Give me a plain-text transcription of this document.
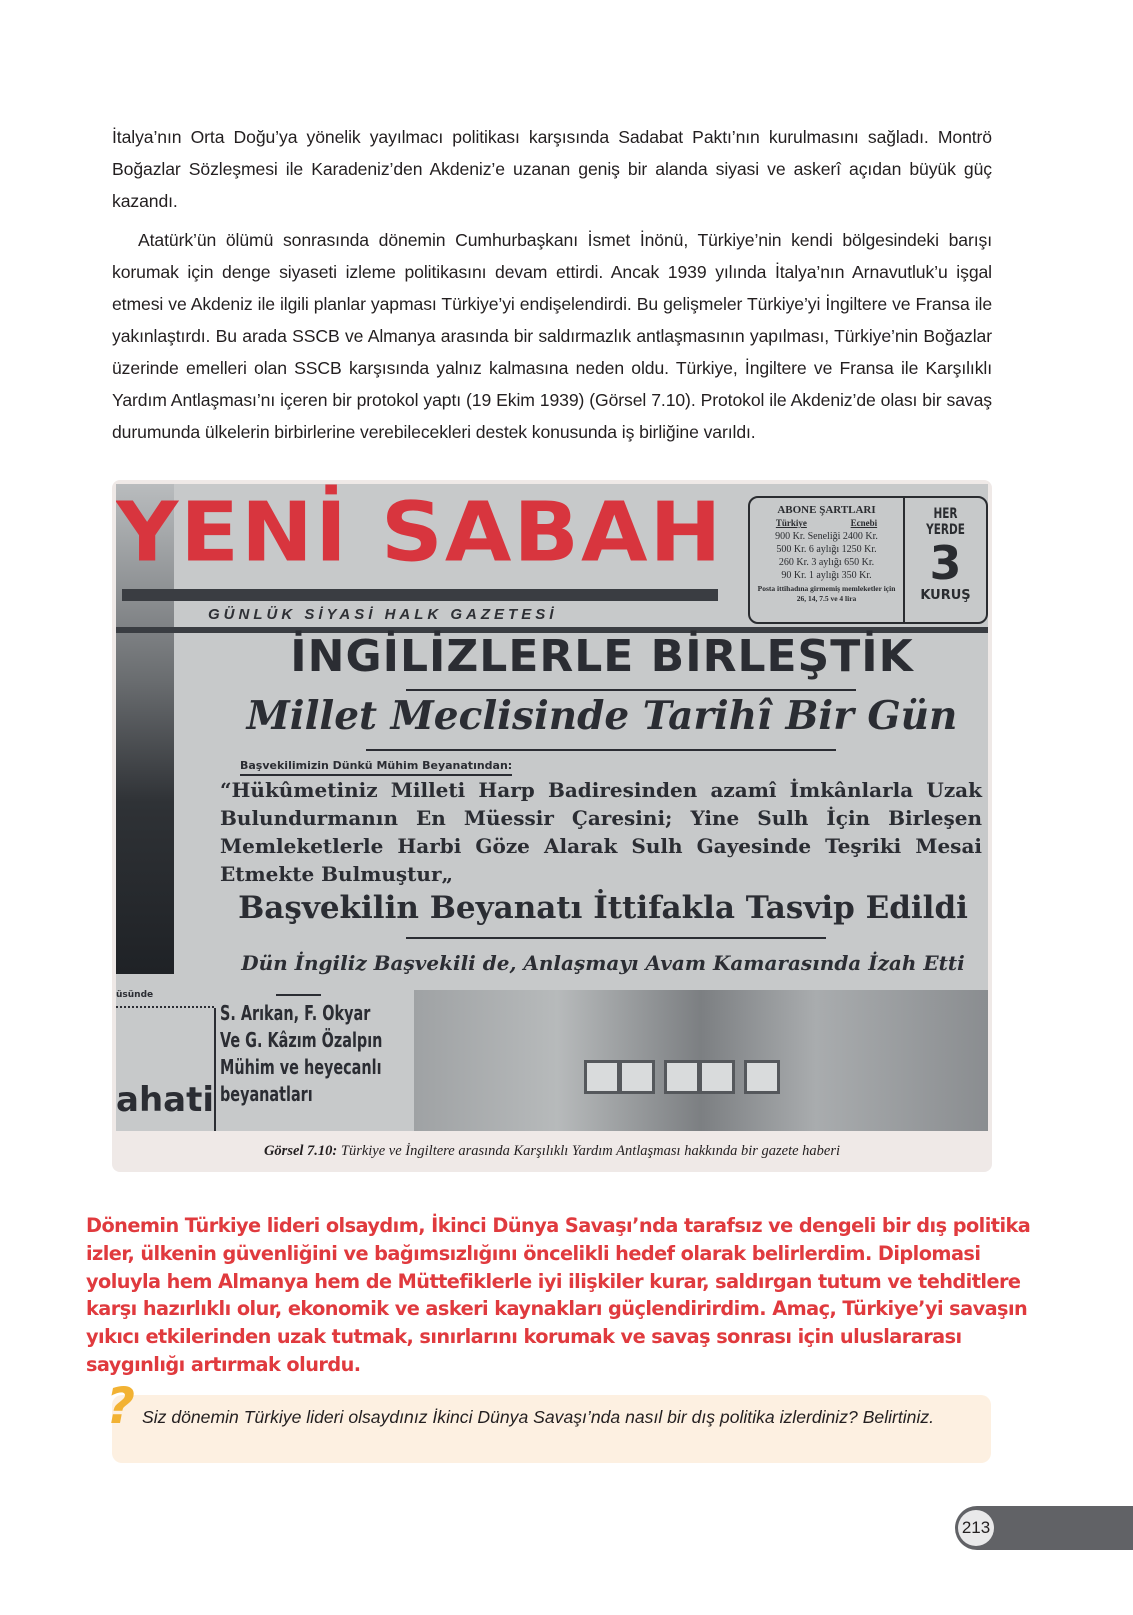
İtalya’nın Orta Doğu’ya yönelik yayılmacı politikası karşısında Sadabat Paktı’nın kurulmasını sağladı. Montrö Boğazlar Sözleşmesi ile Karadeniz’den Akdeniz’e uzanan geniş bir alanda siyasi ve askerî açıdan büyük güç kazandı.

Atatürk’ün ölümü sonrasında dönemin Cumhurbaşkanı İsmet İnönü, Türkiye’nin kendi bölgesindeki barışı korumak için denge siyaseti izleme politikasını devam ettirdi. Ancak 1939 yılında İtalya’nın Arnavutluk’u işgal etmesi ve Akdeniz ile ilgili planlar yapması Türkiye’yi endişelendirdi. Bu gelişmeler Türkiye’yi İngiltere ve Fransa ile yakınlaştırdı. Bu arada SSCB ve Almanya arasında bir saldırmazlık antlaşmasının yapılması, Türkiye’nin Boğazlar üzerinde emelleri olan SSCB karşısında yalnız kalmasına neden oldu. Türkiye, İngiltere ve Fransa ile Karşılıklı Yardım Antlaşması’nı içeren bir protokol yaptı (19 Ekim 1939) (Görsel 7.10). Protokol ile Akdeniz’de olası bir savaş durumunda ülkelerin birbirlerine verebilecekleri destek konusunda iş birliğine varıldı.

YENİ SABAH
GÜNLÜK SİYASİ HALK GAZETESİ
ABONE ŞARTLARI
Türkiye	Ecnebi
900 Kr. Seneliği 2400 Kr.
500 Kr. 6 aylığı 1250 Kr.
260 Kr. 3 aylığı 650 Kr.
90 Kr. 1 aylığı 350 Kr.
Posta ittihadına girmemiş memleketler için 26, 14, 7.5 ve 4 lira
HER YERDE
3
KURUŞ
İNGİLİZLERLE BİRLEŞTİK
Millet Meclisinde Tarihî Bir Gün
Başvekilimizin Dünkü Mühim Beyanatından:
“Hükûmetiniz Milleti Harp Badiresinden azamî İmkânlarla Uzak Bulundurmanın En Müessir Çaresini; Yine Sulh İçin Birleşen Memleketlerle Harbi Göze Alarak Sulh Gayesinde Teşriki Mesai Etmekte Bulmuştur„
Başvekilin Beyanatı İttifakla Tasvip Edildi
Dün İngiliz Başvekili de, Anlaşmayı Avam Kamarasında İzah Etti
üsünde
ahati
S. Arıkan, F. Okyar
Ve G. Kâzım Özalpın
Mühim ve heyecanlı
beyanatları
Görsel 7.10: Türkiye ve İngiltere arasında Karşılıklı Yardım Antlaşması hakkında bir gazete haberi
Dönemin Türkiye lideri olsaydım, İkinci Dünya Savaşı’nda tarafsız ve dengeli bir dış politika izler, ülkenin güvenliğini ve bağımsızlığını öncelikli hedef olarak belirlerdim. Diplomasi yoluyla hem Almanya hem de Müttefiklerle iyi ilişkiler kurar, saldırgan tutum ve tehditlere karşı hazırlıklı olur, ekonomik ve askeri kaynakları güçlendirirdim. Amaç, Türkiye’yi savaşın yıkıcı etkilerinden uzak tutmak, sınırlarını korumak ve savaş sonrası için uluslararası saygınlığı artırmak olurdu.
? Siz dönemin Türkiye lideri olsaydınız İkinci Dünya Savaşı’nda nasıl bir dış politika izlerdiniz? Belirtiniz.
213
